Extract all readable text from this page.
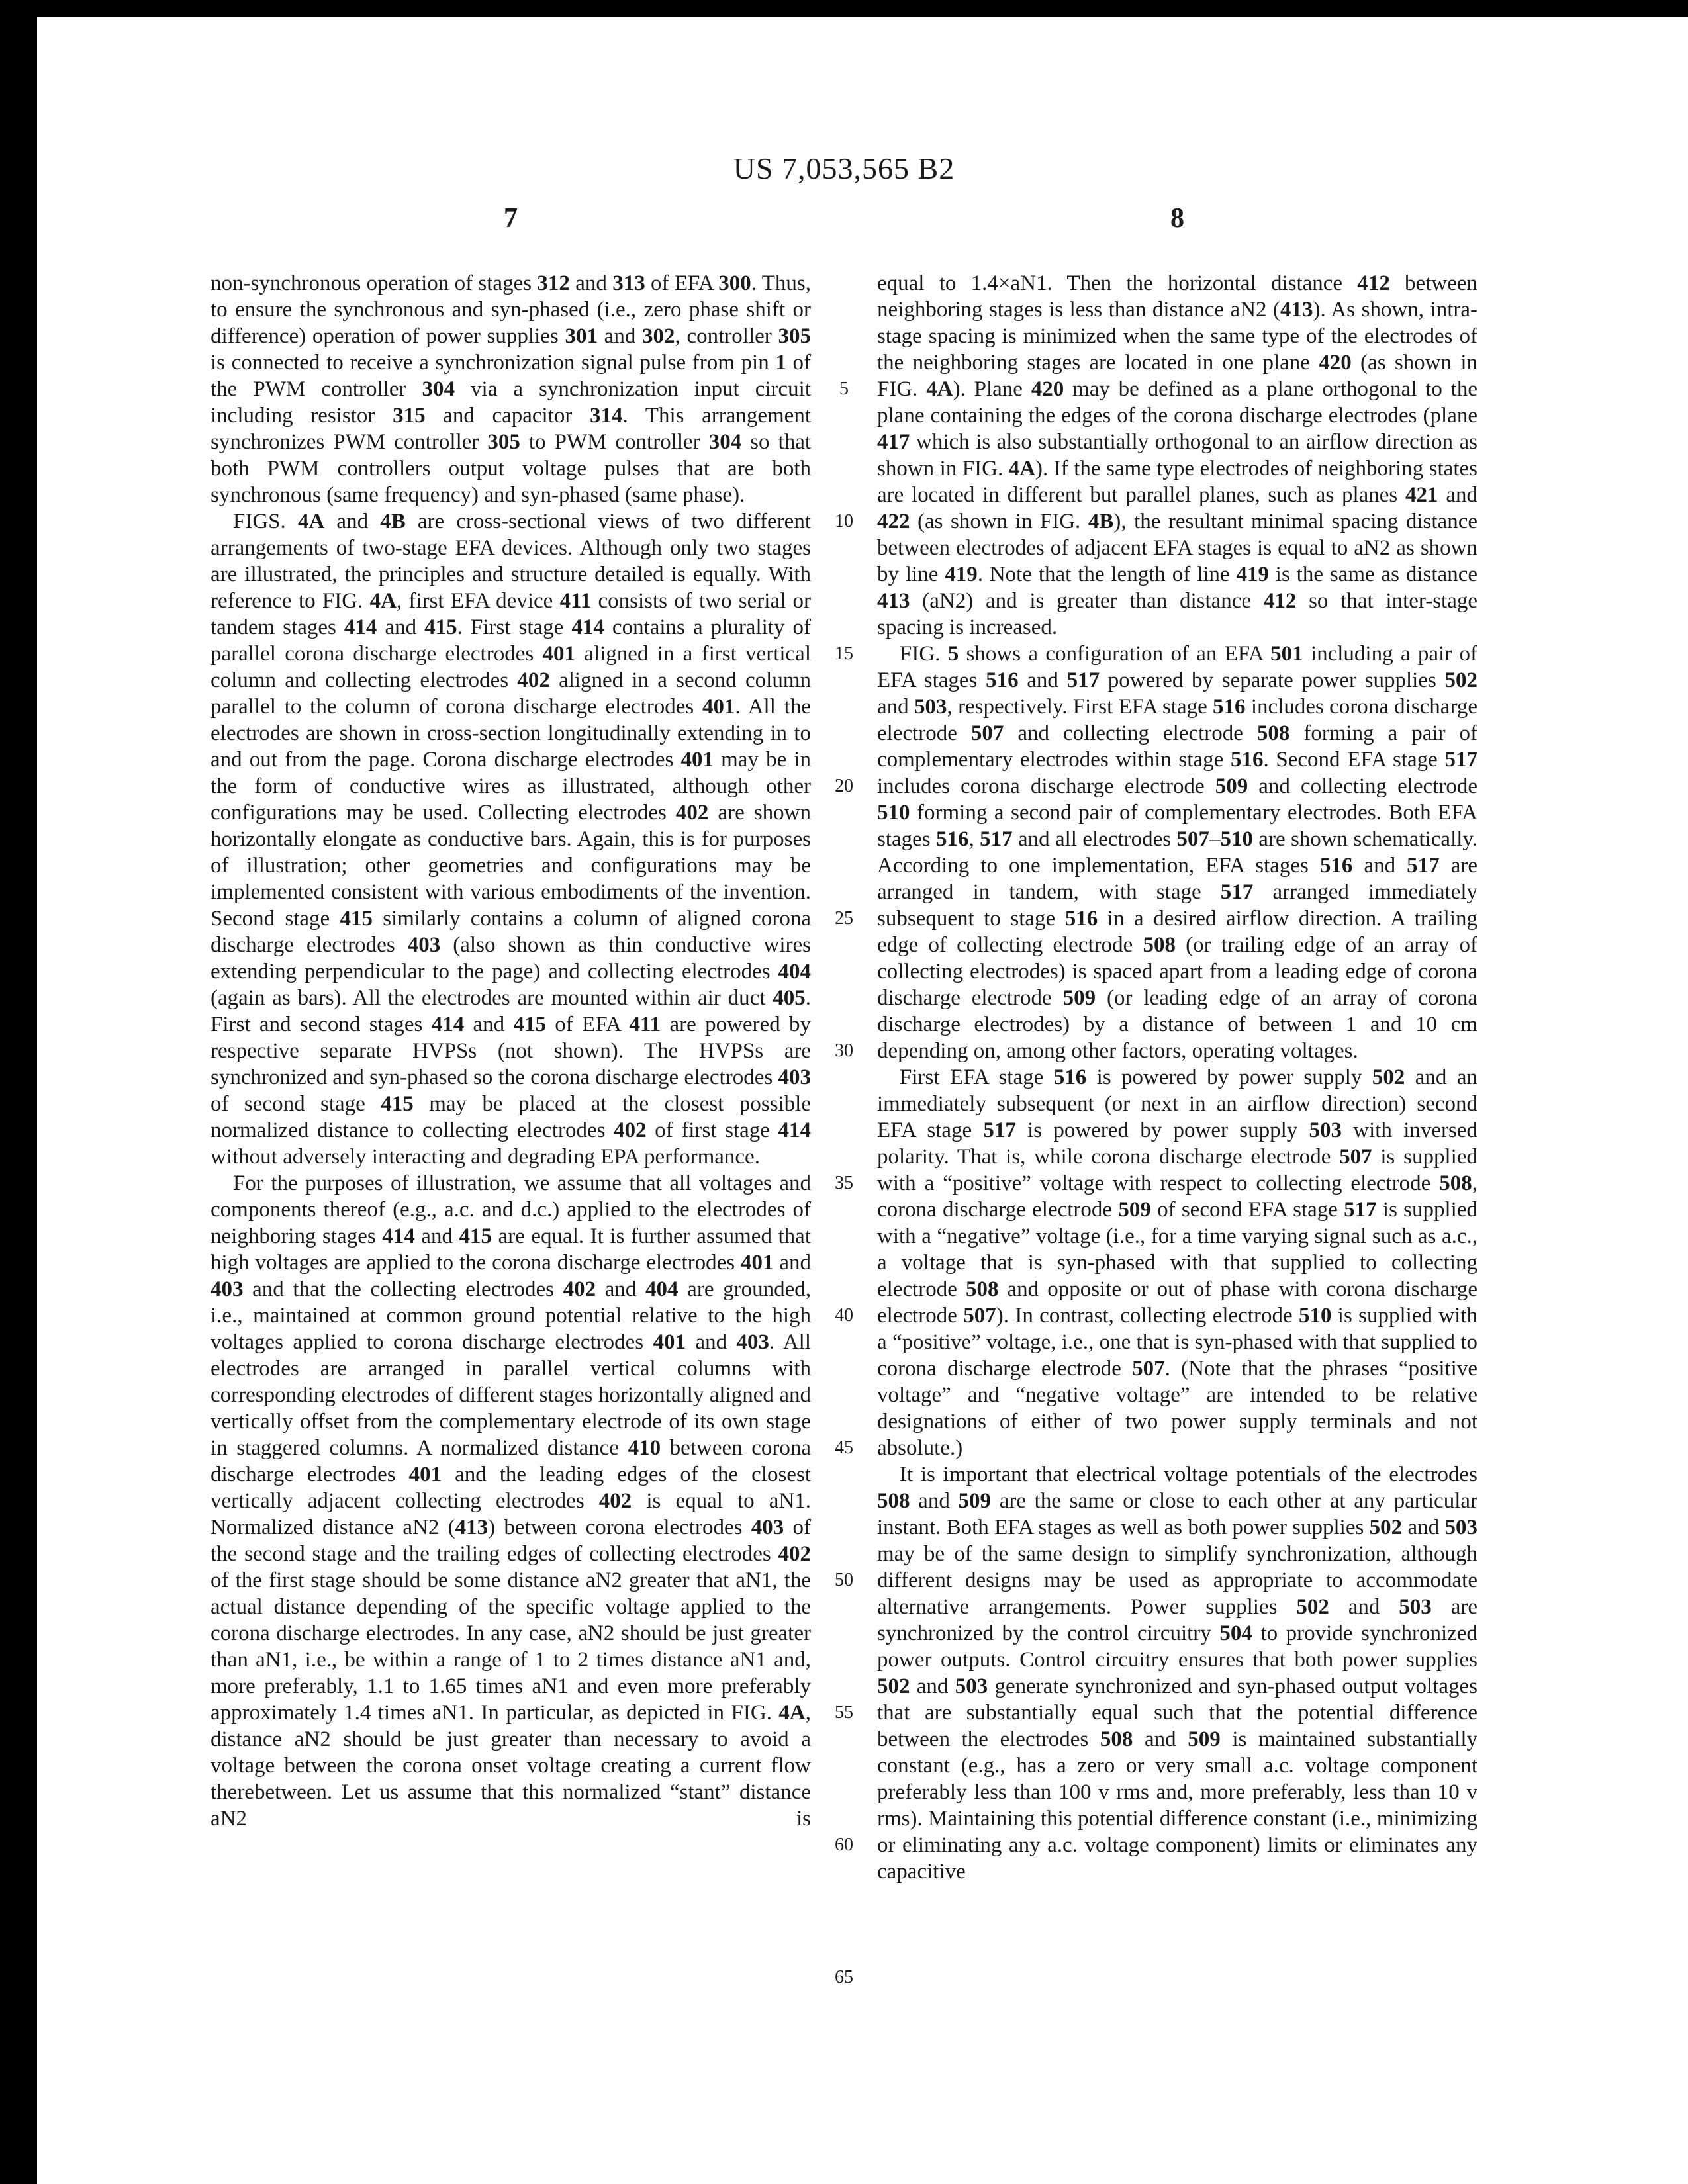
US 7,053,565 B2
7	8

non-synchronous operation of stages 312 and 313 of EFA 300. Thus, to ensure the synchronous and syn-phased (i.e., zero phase shift or difference) operation of power supplies 301 and 302, controller 305 is connected to receive a synchronization signal pulse from pin 1 of the PWM controller 304 via a synchronization input circuit including resistor 315 and capacitor 314. This arrangement synchronizes PWM controller 305 to PWM controller 304 so that both PWM controllers output voltage pulses that are both synchronous (same frequency) and syn-phased (same phase).

FIGS. 4A and 4B are cross-sectional views of two different arrangements of two-stage EFA devices. Although only two stages are illustrated, the principles and structure detailed is equally. With reference to FIG. 4A, first EFA device 411 consists of two serial or tandem stages 414 and 415. First stage 414 contains a plurality of parallel corona discharge electrodes 401 aligned in a first vertical column and collecting electrodes 402 aligned in a second column parallel to the column of corona discharge electrodes 401. All the electrodes are shown in cross-section longitudinally extending in to and out from the page. Corona discharge electrodes 401 may be in the form of conductive wires as illustrated, although other configurations may be used. Collecting electrodes 402 are shown horizontally elongate as conductive bars. Again, this is for purposes of illustration; other geometries and configurations may be implemented consistent with various embodiments of the invention. Second stage 415 similarly contains a column of aligned corona discharge electrodes 403 (also shown as thin conductive wires extending perpendicular to the page) and collecting electrodes 404 (again as bars). All the electrodes are mounted within air duct 405. First and second stages 414 and 415 of EFA 411 are powered by respective separate HVPSs (not shown). The HVPSs are synchronized and syn-phased so the corona discharge electrodes 403 of second stage 415 may be placed at the closest possible normalized distance to collecting electrodes 402 of first stage 414 without adversely interacting and degrading EPA performance.

For the purposes of illustration, we assume that all voltages and components thereof (e.g., a.c. and d.c.) applied to the electrodes of neighboring stages 414 and 415 are equal. It is further assumed that high voltages are applied to the corona discharge electrodes 401 and 403 and that the collecting electrodes 402 and 404 are grounded, i.e., maintained at common ground potential relative to the high voltages applied to corona discharge electrodes 401 and 403. All electrodes are arranged in parallel vertical columns with corresponding electrodes of different stages horizontally aligned and vertically offset from the complementary electrode of its own stage in staggered columns. A normalized distance 410 between corona discharge electrodes 401 and the leading edges of the closest vertically adjacent collecting electrodes 402 is equal to aN1. Normalized distance aN2 (413) between corona electrodes 403 of the second stage and the trailing edges of collecting electrodes 402 of the first stage should be some distance aN2 greater that aN1, the actual distance depending of the specific voltage applied to the corona discharge electrodes. In any case, aN2 should be just greater than aN1, i.e., be within a range of 1 to 2 times distance aN1 and, more preferably, 1.1 to 1.65 times aN1 and even more preferably approximately 1.4 times aN1. In particular, as depicted in FIG. 4A, distance aN2 should be just greater than necessary to avoid a voltage between the corona onset voltage creating a current flow therebetween. Let us assume that this normalized “stant” distance aN2 is

5
10
15
20
25
30
35
40
45
50
55
60
65

equal to 1.4×aN1. Then the horizontal distance 412 between neighboring stages is less than distance aN2 (413). As shown, intra-stage spacing is minimized when the same type of the electrodes of the neighboring stages are located in one plane 420 (as shown in FIG. 4A). Plane 420 may be defined as a plane orthogonal to the plane containing the edges of the corona discharge electrodes (plane 417 which is also substantially orthogonal to an airflow direction as shown in FIG. 4A). If the same type electrodes of neighboring states are located in different but parallel planes, such as planes 421 and 422 (as shown in FIG. 4B), the resultant minimal spacing distance between electrodes of adjacent EFA stages is equal to aN2 as shown by line 419. Note that the length of line 419 is the same as distance 413 (aN2) and is greater than distance 412 so that inter-stage spacing is increased.

FIG. 5 shows a configuration of an EFA 501 including a pair of EFA stages 516 and 517 powered by separate power supplies 502 and 503, respectively. First EFA stage 516 includes corona discharge electrode 507 and collecting electrode 508 forming a pair of complementary electrodes within stage 516. Second EFA stage 517 includes corona discharge electrode 509 and collecting electrode 510 forming a second pair of complementary electrodes. Both EFA stages 516, 517 and all electrodes 507–510 are shown schematically. According to one implementation, EFA stages 516 and 517 are arranged in tandem, with stage 517 arranged immediately subsequent to stage 516 in a desired airflow direction. A trailing edge of collecting electrode 508 (or trailing edge of an array of collecting electrodes) is spaced apart from a leading edge of corona discharge electrode 509 (or leading edge of an array of corona discharge electrodes) by a distance of between 1 and 10 cm depending on, among other factors, operating voltages.

First EFA stage 516 is powered by power supply 502 and an immediately subsequent (or next in an airflow direction) second EFA stage 517 is powered by power supply 503 with inversed polarity. That is, while corona discharge electrode 507 is supplied with a “positive” voltage with respect to collecting electrode 508, corona discharge electrode 509 of second EFA stage 517 is supplied with a “negative” voltage (i.e., for a time varying signal such as a.c., a voltage that is syn-phased with that supplied to collecting electrode 508 and opposite or out of phase with corona discharge electrode 507). In contrast, collecting electrode 510 is supplied with a “positive” voltage, i.e., one that is syn-phased with that supplied to corona discharge electrode 507. (Note that the phrases “positive voltage” and “negative voltage” are intended to be relative designations of either of two power supply terminals and not absolute.)

It is important that electrical voltage potentials of the electrodes 508 and 509 are the same or close to each other at any particular instant. Both EFA stages as well as both power supplies 502 and 503 may be of the same design to simplify synchronization, although different designs may be used as appropriate to accommodate alternative arrangements. Power supplies 502 and 503 are synchronized by the control circuitry 504 to provide synchronized power outputs. Control circuitry ensures that both power supplies 502 and 503 generate synchronized and syn-phased output voltages that are substantially equal such that the potential difference between the electrodes 508 and 509 is maintained substantially constant (e.g., has a zero or very small a.c. voltage component preferably less than 100 v rms and, more preferably, less than 10 v rms). Maintaining this potential difference constant (i.e., minimizing or eliminating any a.c. voltage component) limits or eliminates any capacitive
